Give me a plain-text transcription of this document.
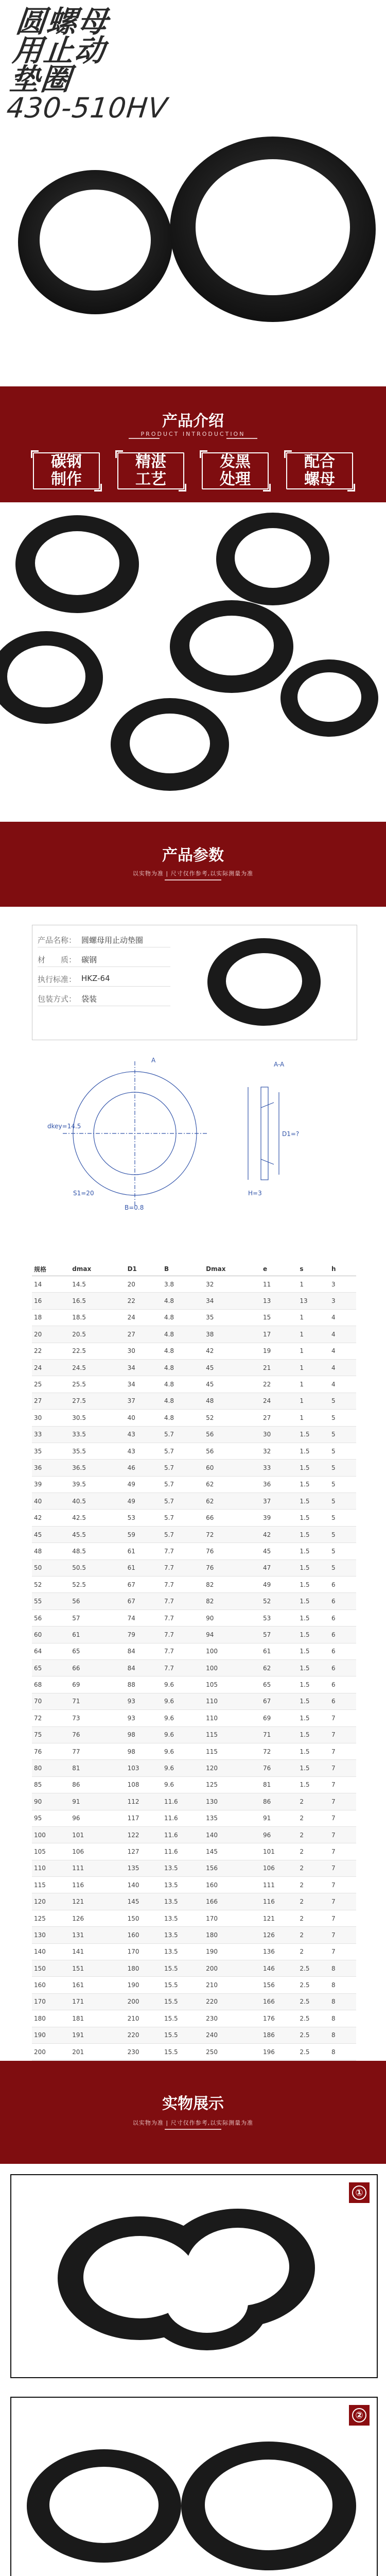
圆螺母
用止动
垫圈
430-510HV
产品介绍
PRODUCT INTRODUCTION
碳钢
制作
精湛
工艺
发黑
处理
配合
螺母
产品参数
以实物为准 | 尺寸仅作参考,以实际测量为准
产品名称： 圆螺母用止动垫圈
材　　质： 碳钢
执行标准： HKZ-64
包装方式： 袋装
A
A-A
dkey=14.5
S1=20
B=0.8
H=3
D1=?
规格	dmax	D1	B	Dmax	e	s	h
14	14.5	20	3.8	32	11	1	3
16	16.5	22	4.8	34	13	13	3
18	18.5	24	4.8	35	15	1	4
20	20.5	27	4.8	38	17	1	4
22	22.5	30	4.8	42	19	1	4
24	24.5	34	4.8	45	21	1	4
25	25.5	34	4.8	45	22	1	4
27	27.5	37	4.8	48	24	1	5
30	30.5	40	4.8	52	27	1	5
33	33.5	43	5.7	56	30	1.5	5
35	35.5	43	5.7	56	32	1.5	5
36	36.5	46	5.7	60	33	1.5	5
39	39.5	49	5.7	62	36	1.5	5
40	40.5	49	5.7	62	37	1.5	5
42	42.5	53	5.7	66	39	1.5	5
45	45.5	59	5.7	72	42	1.5	5
48	48.5	61	7.7	76	45	1.5	5
50	50.5	61	7.7	76	47	1.5	5
52	52.5	67	7.7	82	49	1.5	6
55	56	67	7.7	82	52	1.5	6
56	57	74	7.7	90	53	1.5	6
60	61	79	7.7	94	57	1.5	6
64	65	84	7.7	100	61	1.5	6
65	66	84	7.7	100	62	1.5	6
68	69	88	9.6	105	65	1.5	6
70	71	93	9.6	110	67	1.5	6
72	73	93	9.6	110	69	1.5	7
75	76	98	9.6	115	71	1.5	7
76	77	98	9.6	115	72	1.5	7
80	81	103	9.6	120	76	1.5	7
85	86	108	9.6	125	81	1.5	7
90	91	112	11.6	130	86	2	7
95	96	117	11.6	135	91	2	7
100	101	122	11.6	140	96	2	7
105	106	127	11.6	145	101	2	7
110	111	135	13.5	156	106	2	7
115	116	140	13.5	160	111	2	7
120	121	145	13.5	166	116	2	7
125	126	150	13.5	170	121	2	7
130	131	160	13.5	180	126	2	7
140	141	170	13.5	190	136	2	7
150	151	180	15.5	200	146	2.5	8
160	161	190	15.5	210	156	2.5	8
170	171	200	15.5	220	166	2.5	8
180	181	210	15.5	230	176	2.5	8
190	191	220	15.5	240	186	2.5	8
200	201	230	15.5	250	196	2.5	8

实物展示
以实物为准 | 尺寸仅作参考,以实际测量为准
①
②
